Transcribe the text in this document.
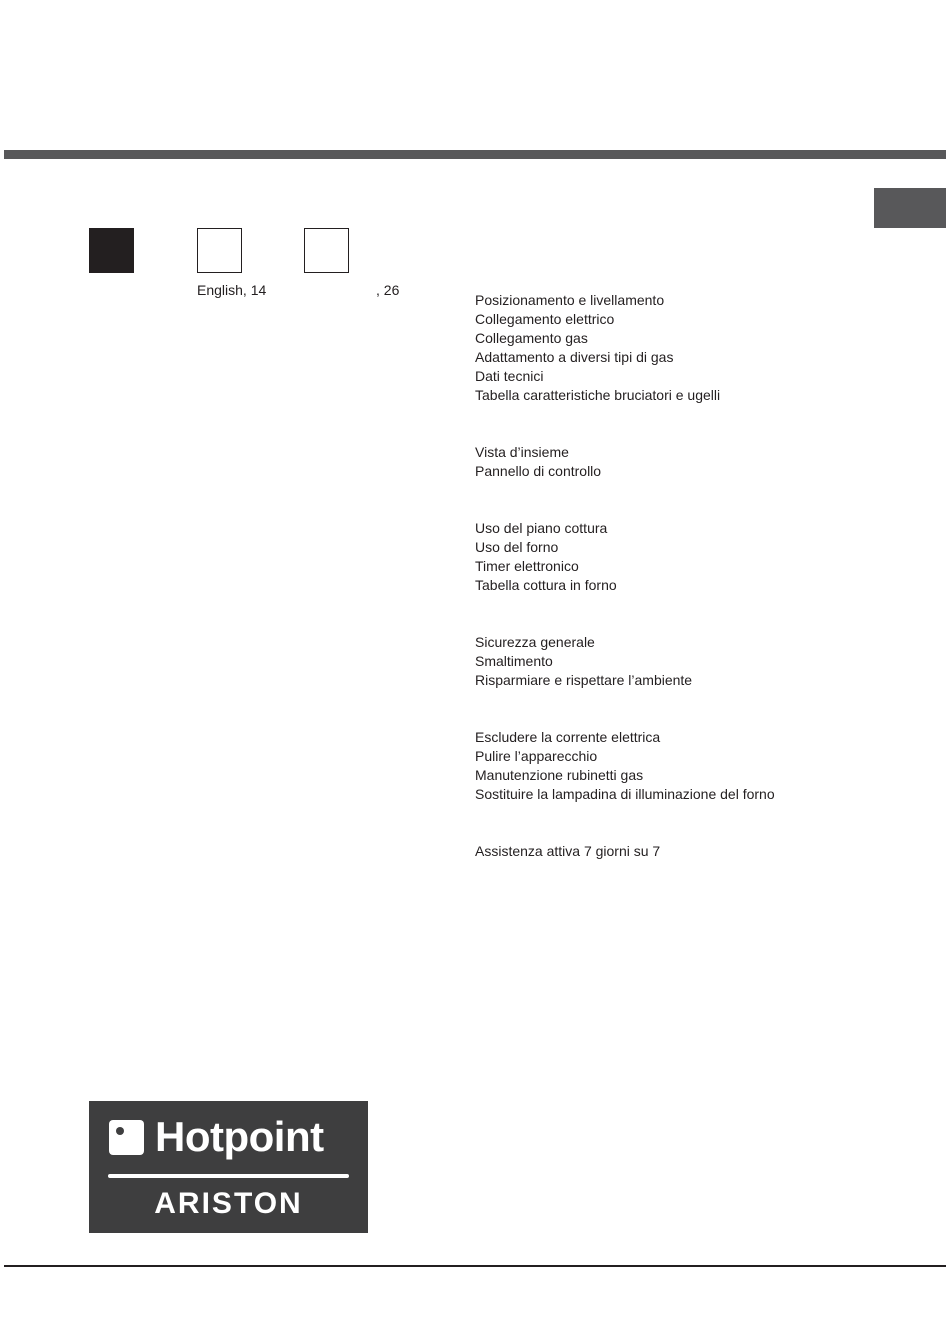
English, 14	, 26
Posizionamento e livellamento
Collegamento elettrico
Collegamento gas
Adattamento a diversi tipi di gas
Dati tecnici
Tabella caratteristiche bruciatori e ugelli
Vista d’insieme
Pannello di controllo
Uso del piano cottura
Uso del forno
Timer elettronico
Tabella cottura in forno
Sicurezza generale
Smaltimento
Risparmiare e rispettare l’ambiente
Escludere la corrente elettrica
Pulire l’apparecchio
Manutenzione rubinetti gas
Sostituire la lampadina di illuminazione del forno
Assistenza attiva 7 giorni su 7
Hotpoint
ARISTON
